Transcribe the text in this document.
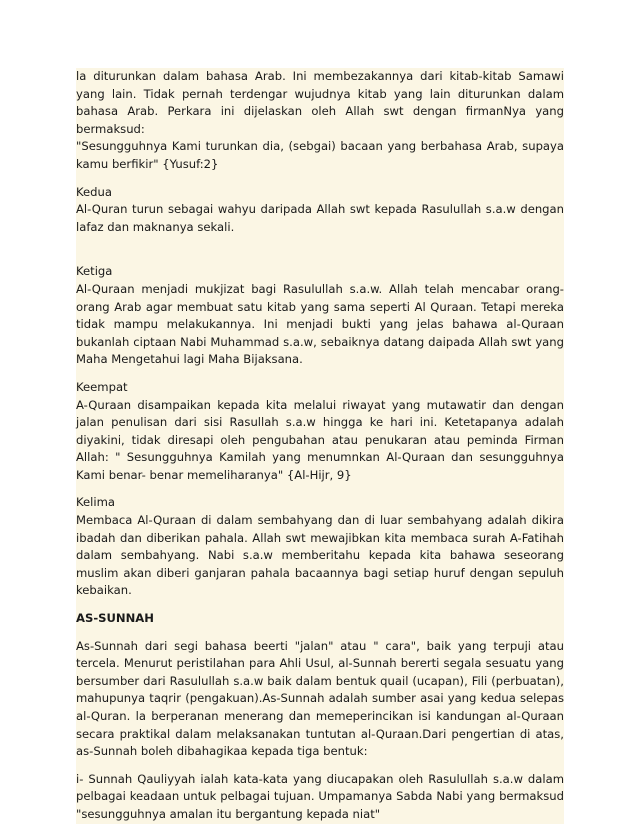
la diturunkan dalam bahasa Arab. Ini membezakannya dari kitab-kitab Samawi yang lain. Tidak pernah terdengar wujudnya kitab yang lain diturunkan dalam bahasa Arab. Perkara ini dijelaskan oleh Allah swt dengan firmanNya yang bermaksud:

"Sesungguhnya Kami turunkan dia, (sebgai) bacaan yang berbahasa Arab, supaya kamu berfikir" {Yusuf:2}

Kedua

Al-Quran turun sebagai wahyu daripada Allah swt kepada Rasulullah s.a.w dengan lafaz dan maknanya sekali.

Ketiga

Al-Quraan menjadi mukjizat bagi Rasulullah s.a.w. Allah telah mencabar orang-orang Arab agar membuat satu kitab yang sama seperti Al Quraan. Tetapi mereka tidak mampu melakukannya. Ini menjadi bukti yang jelas bahawa al-Quraan bukanlah ciptaan Nabi Muhammad s.a.w, sebaiknya datang daipada Allah swt yang Maha Mengetahui lagi Maha Bijaksana.

Keempat

A-Quraan disampaikan kepada kita melalui riwayat yang mutawatir dan dengan jalan penulisan dari sisi Rasullah s.a.w hingga ke hari ini. Ketetapanya adalah diyakini, tidak diresapi oleh pengubahan atau penukaran atau peminda Firman Allah: " Sesungguhnya Kamilah yang menumnkan Al-Quraan dan sesungguhnya Kami benar- benar memeliharanya" {Al-Hijr, 9}

Kelima

Membaca Al-Quraan di dalam sembahyang dan di luar sembahyang adalah dikira ibadah dan diberikan pahala. Allah swt mewajibkan kita membaca surah A-Fatihah dalam sembahyang. Nabi s.a.w memberitahu kepada kita bahawa seseorang muslim akan diberi ganjaran pahala bacaannya bagi setiap huruf dengan sepuluh kebaikan.

AS-SUNNAH

As-Sunnah dari segi bahasa beerti "jalan" atau " cara", baik yang terpuji atau tercela. Menurut peristilahan para Ahli Usul, al-Sunnah bererti segala sesuatu yang bersumber dari Rasulullah s.a.w baik dalam bentuk quail (ucapan), Fili (perbuatan), mahupunya taqrir (pengakuan).As-Sunnah adalah sumber asai yang kedua selepas al-Quran. la berperanan menerang dan memeperincikan isi kandungan al-Quraan secara praktikal dalam melaksanakan tuntutan al-Quraan.Dari pengertian di atas, as-Sunnah boleh dibahagikaa kepada tiga bentuk:

i- Sunnah Qauliyyah ialah kata-kata yang diucapakan oleh Rasulullah s.a.w dalam pelbagai keadaan untuk pelbagai tujuan. Umpamanya Sabda Nabi yang bermaksud "sesungguhnya amalan itu bergantung kepada niat"
